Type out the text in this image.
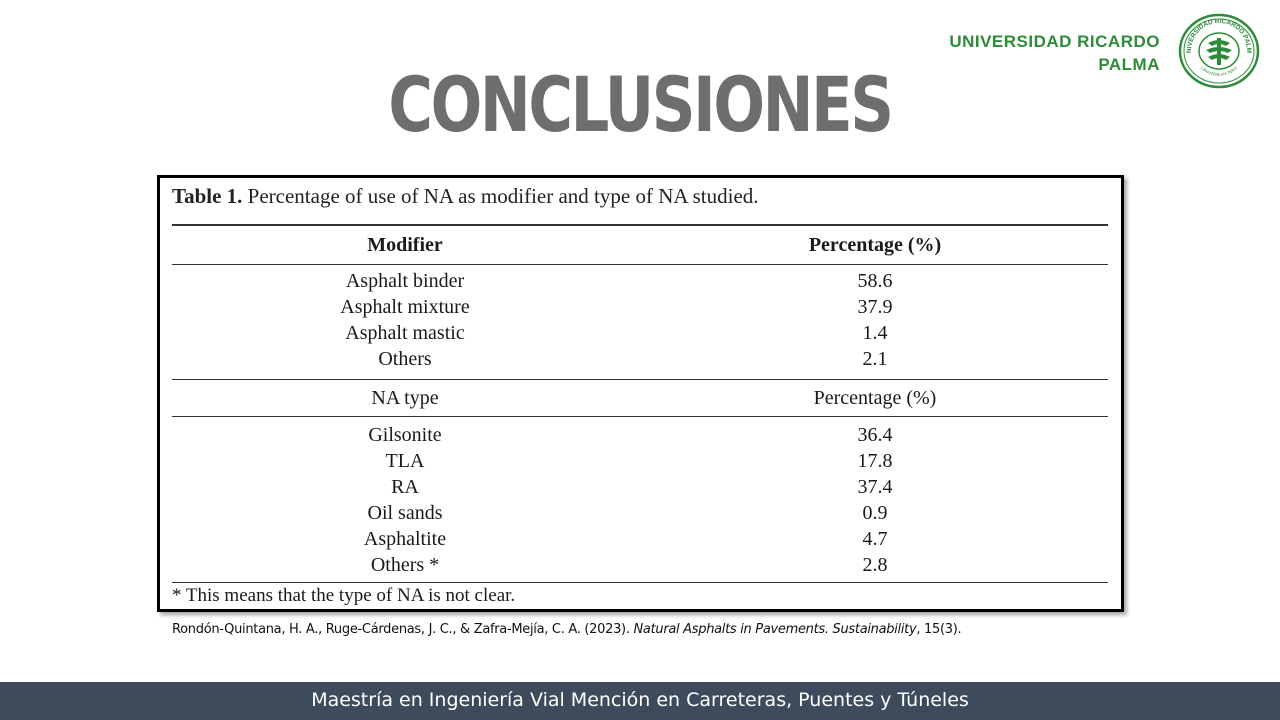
UNIVERSIDAD RICARDO
PALMA
NIVERSIDAD RICARDO PALM
LIMA MCMLXIX PERU
CONCLUSIONES
Table 1. Percentage of use of NA as modifier and type of NA studied.
Modifier	Percentage (%)
Asphalt binder	58.6
Asphalt mixture	37.9
Asphalt mastic	1.4
Others	2.1
NA type	Percentage (%)
Gilsonite	36.4
TLA	17.8
RA	37.4
Oil sands	0.9
Asphaltite	4.7
Others *	2.8
* This means that the type of NA is not clear.
Rondón-Quintana, H. A., Ruge-Cárdenas, J. C., & Zafra-Mejía, C. A. (2023). Natural Asphalts in Pavements. Sustainability, 15(3).
Maestría en Ingeniería Vial Mención en Carreteras, Puentes y Túneles
